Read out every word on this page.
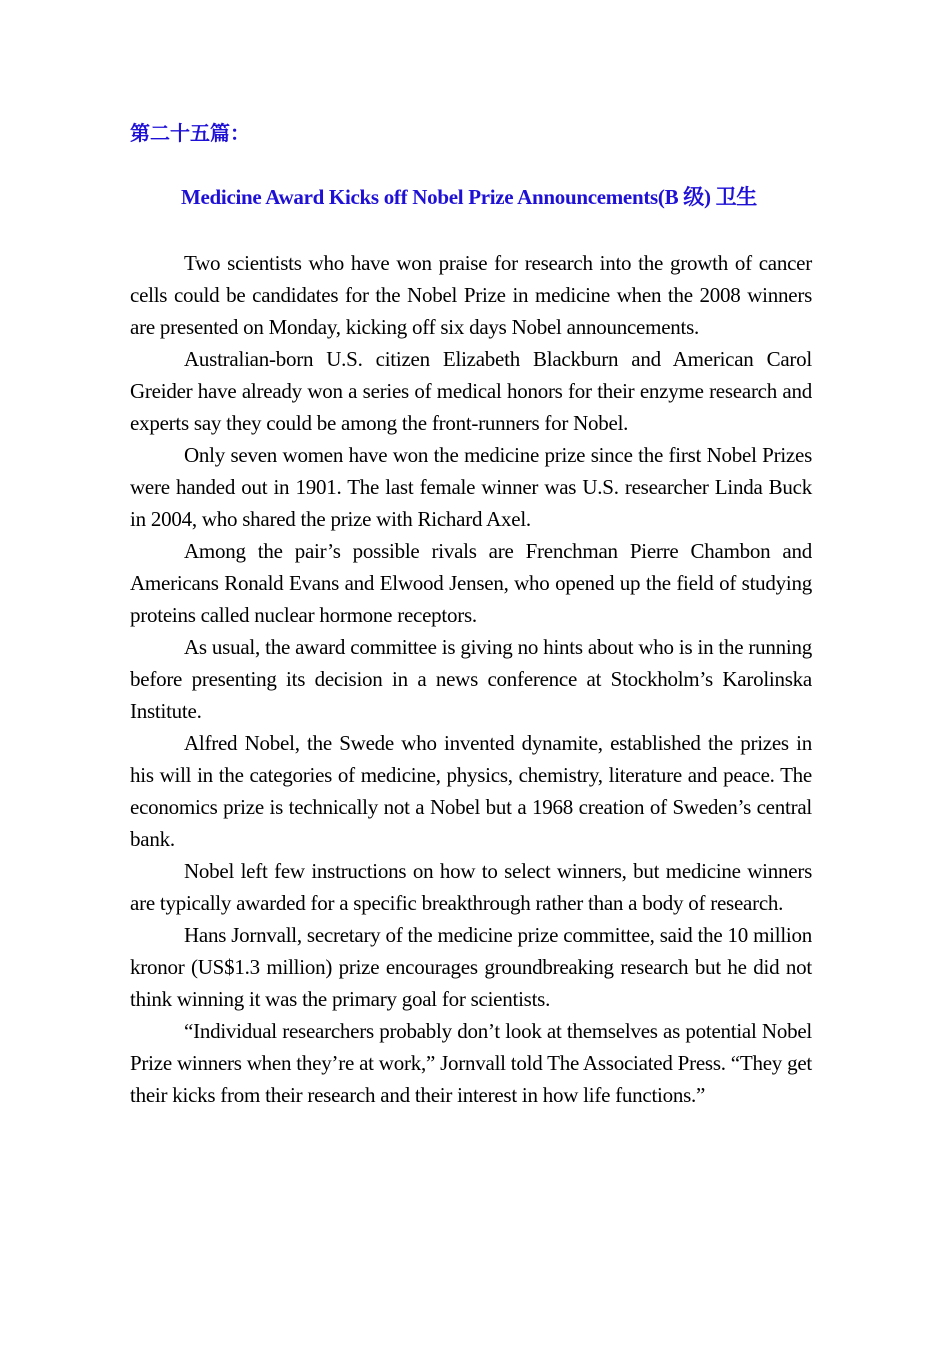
第二十五篇：
Medicine Award Kicks off Nobel Prize Announcements(B 级) 卫生

Two scientists who have won praise for research into the growth of cancer cells could be candidates for the Nobel Prize in medicine when the 2008 winners are presented on Monday, kicking off six days Nobel announcements.

Australian-born U.S. citizen Elizabeth Blackburn and American Carol Greider have already won a series of medical honors for their enzyme research and experts say they could be among the front-runners for Nobel.

Only seven women have won the medicine prize since the first Nobel Prizes were handed out in 1901. The last female winner was U.S. researcher Linda Buck in 2004, who shared the prize with Richard Axel.

Among the pair’s possible rivals are Frenchman Pierre Chambon and Americans Ronald Evans and Elwood Jensen, who opened up the field of studying proteins called nuclear hormone receptors.

As usual, the award committee is giving no hints about who is in the running before presenting its decision in a news conference at Stockholm’s Karolinska Institute.

Alfred Nobel, the Swede who invented dynamite, established the prizes in his will in the categories of medicine, physics, chemistry, literature and peace. The economics prize is technically not a Nobel but a 1968 creation of Sweden’s central bank.

Nobel left few instructions on how to select winners, but medicine winners are typically awarded for a specific breakthrough rather than a body of research.

Hans Jornvall, secretary of the medicine prize committee, said the 10 million kronor (US$1.3 million) prize encourages groundbreaking research but he did not think winning it was the primary goal for scientists.

“Individual researchers probably don’t look at themselves as potential Nobel Prize winners when they’re at work,” Jornvall told The Associated Press. “They get their kicks from their research and their interest in how life functions.”
